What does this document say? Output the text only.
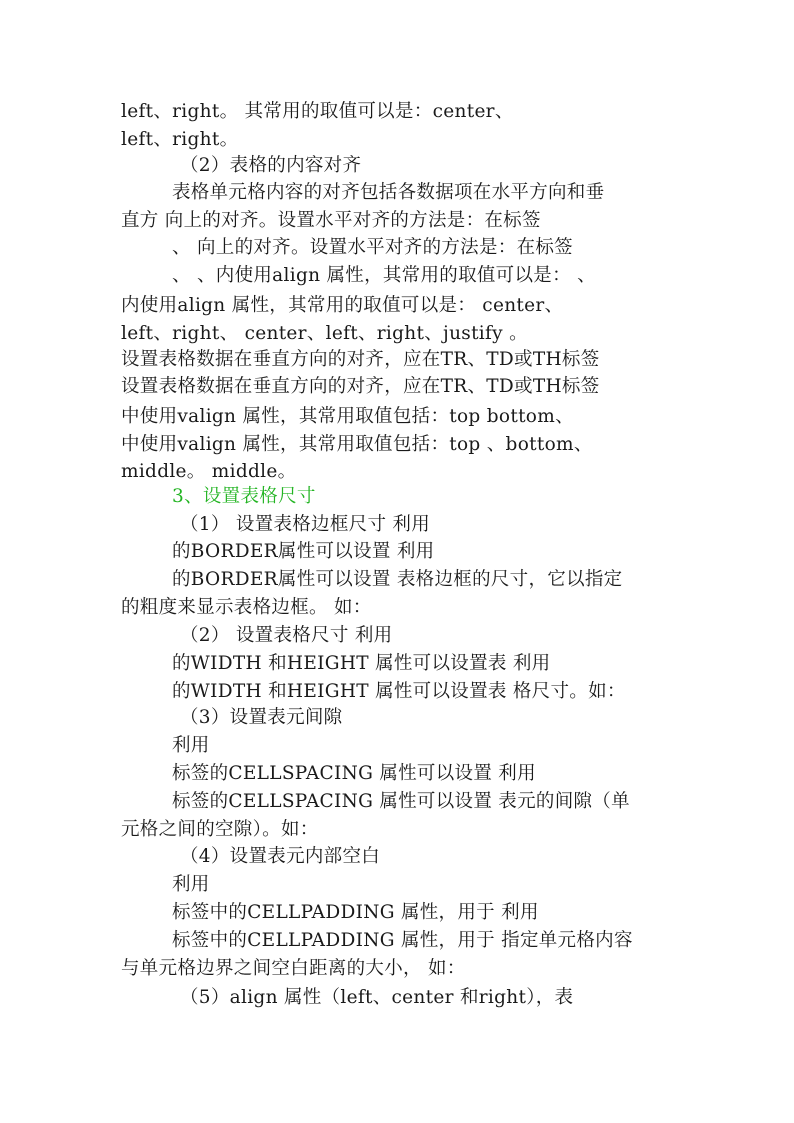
left、right。 其常用的取值可以是：center、
left、right。
（2）表格的内容对齐
表格单元格内容的对齐包括各数据项在水平方向和垂
直方 向上的对齐。设置水平对齐的方法是：在标签
、 向上的对齐。设置水平对齐的方法是：在标签
、 、内使用align 属性，其常用的取值可以是： 、
内使用align 属性，其常用的取值可以是： center、
left、right、 center、left、right、justify 。
设置表格数据在垂直方向的对齐，应在TR、TD或TH标签
设置表格数据在垂直方向的对齐，应在TR、TD或TH标签
中使用valign 属性，其常用取值包括：top bottom、
中使用valign 属性，其常用取值包括：top 、bottom、
middle。 middle。
3、设置表格尺寸
（1） 设置表格边框尺寸 利用
的BORDER属性可以设置 利用
的BORDER属性可以设置 表格边框的尺寸，它以指定
的粗度来显示表格边框。 如：
（2） 设置表格尺寸 利用
的WIDTH 和HEIGHT 属性可以设置表 利用
的WIDTH 和HEIGHT 属性可以设置表 格尺寸。如：
（3）设置表元间隙
利用
标签的CELLSPACING 属性可以设置 利用
标签的CELLSPACING 属性可以设置 表元的间隙（单
元格之间的空隙）。如：
（4）设置表元内部空白
利用
标签中的CELLPADDING 属性，用于 利用
标签中的CELLPADDING 属性，用于 指定单元格内容
与单元格边界之间空白距离的大小， 如：
（5）align 属性（left、center 和right），表
